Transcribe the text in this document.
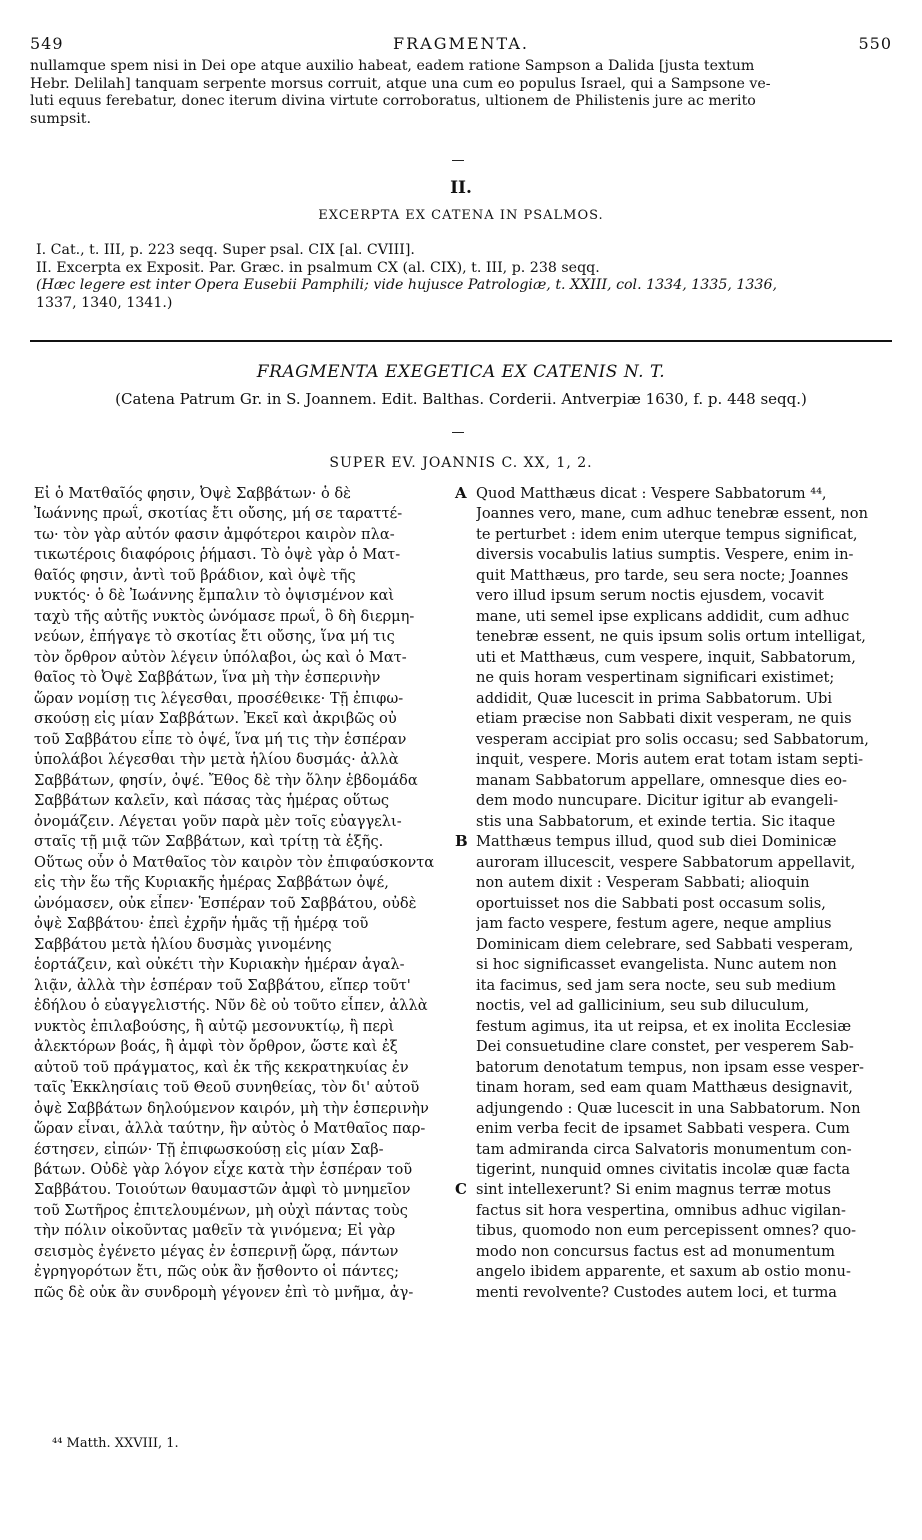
549	FRAGMENTA.	550

nullamque spem nisi in Dei ope atque auxilio habeat, eadem ratione Sampson a Dalida [justa textum

Hebr. Delilah] tanquam serpente morsus corruit, atque una cum eo populus Israel, qui a Sampsone ve-

luti equus ferebatur, donec iterum divina virtute corroboratus, ultionem de Philistenis jure ac merito

sumpsit.

II.
EXCERPTA EX CATENA IN PSALMOS.
I. Cat., t. III, p. 223 seqq. Super psal. CIX [al. CVIII].
II. Excerpta ex Exposit. Par. Græc. in psalmum CX (al. CIX), t. III, p. 238 seqq.
(Hæc legere est inter Opera Eusebii Pamphili; vide hujusce Patrologiæ, t. XXIII, col. 1334, 1335, 1336,
1337, 1340, 1341.)
FRAGMENTA EXEGETICA EX CATENIS N. T.
(Catena Patrum Gr. in S. Joannem. Edit. Balthas. Corderii. Antverpiæ 1630, f. p. 448 seqq.)
SUPER EV. JOANNIS C. XX, 1, 2.
Εἰ ὁ Ματθαῖός φησιν, Ὀψὲ Σαββάτων· ὁ δὲ
Ἰωάννης πρωΐ, σκοτίας ἔτι οὔσης, μή σε ταραττέ-
τω· τὸν γὰρ αὐτόν φασιν ἀμφότεροι καιρὸν πλα-
τικωτέροις διαφόροις ῥήμασι. Τὸ ὀψὲ γὰρ ὁ Ματ-
θαῖός φησιν, ἀντὶ τοῦ βράδιον, καὶ ὀψὲ τῆς
νυκτός· ὁ δὲ Ἰωάννης ἔμπαλιν τὸ ὀψισμένον καὶ
ταχὺ τῆς αὐτῆς νυκτὸς ὠνόμασε πρωΐ, ὃ δὴ διερμη-
νεύων, ἐπήγαγε τὸ σκοτίας ἔτι οὔσης, ἵνα μή τις
τὸν ὄρθρον αὐτὸν λέγειν ὑπόλαβοι, ὡς καὶ ὁ Ματ-
θαῖος τὸ Ὀψὲ Σαββάτων, ἵνα μὴ τὴν ἑσπερινὴν
ὥραν νομίσῃ τις λέγεσθαι, προσέθεικε· Τῇ ἐπιφω-
σκούσῃ εἰς μίαν Σαββάτων. Ἐκεῖ καὶ ἀκριβῶς οὐ
τοῦ Σαββάτου εἶπε τὸ ὀψέ, ἵνα μή τις τὴν ἑσπέραν
ὑπολάβοι λέγεσθαι τὴν μετὰ ἡλίου δυσμάς· ἀλλὰ
Σαββάτων, φησίν, ὀψέ. Ἔθος δὲ τὴν ὅλην ἑβδομάδα
Σαββάτων καλεῖν, καὶ πάσας τὰς ἡμέρας οὕτως
ὀνομάζειν. Λέγεται γοῦν παρὰ μὲν τοῖς εὐαγγελι-
σταῖς τῇ μιᾷ τῶν Σαββάτων, καὶ τρίτῃ τὰ ἑξῆς.
Οὕτως οὖν ὁ Ματθαῖος τὸν καιρὸν τὸν ἐπιφαύσκοντα
εἰς τὴν ἕω τῆς Κυριακῆς ἡμέρας Σαββάτων ὀψέ,
ὠνόμασεν, οὐκ εἶπεν· Ἑσπέραν τοῦ Σαββάτου, οὐδὲ
ὀψὲ Σαββάτου· ἐπεὶ ἐχρῆν ἡμᾶς τῇ ἡμέρᾳ τοῦ
Σαββάτου μετὰ ἡλίου δυσμὰς γινομένης
ἑορτάζειν, καὶ οὐκέτι τὴν Κυριακὴν ἡμέραν ἀγαλ-
λιᾷν, ἀλλὰ τὴν ἑσπέραν τοῦ Σαββάτου, εἴπερ τοῦτ'
ἐδήλου ὁ εὐαγγελιστής. Νῦν δὲ οὐ τοῦτο εἶπεν, ἀλλὰ
νυκτὸς ἐπιλαβούσης, ἢ αὐτῷ μεσονυκτίῳ, ἢ περὶ
ἀλεκτόρων βοάς, ἢ ἀμφὶ τὸν ὄρθρον, ὥστε καὶ ἐξ
αὐτοῦ τοῦ πράγματος, καὶ ἐκ τῆς κεκρατηκυίας ἐν
ταῖς Ἐκκλησίαις τοῦ Θεοῦ συνηθείας, τὸν δι' αὐτοῦ
ὀψὲ Σαββάτων δηλούμενον καιρόν, μὴ τὴν ἑσπερινὴν
ὥραν εἶναι, ἀλλὰ ταύτην, ἣν αὐτὸς ὁ Ματθαῖος παρ-
έστησεν, εἰπών· Τῇ ἐπιφωσκούσῃ εἰς μίαν Σαβ-
βάτων. Οὐδὲ γὰρ λόγον εἶχε κατὰ τὴν ἑσπέραν τοῦ
Σαββάτου. Τοιούτων θαυμαστῶν ἀμφὶ τὸ μνημεῖον
τοῦ Σωτῆρος ἐπιτελουμένων, μὴ οὐχὶ πάντας τοὺς
τὴν πόλιν οἰκοῦντας μαθεῖν τὰ γινόμενα; Εἰ γὰρ
σεισμὸς ἐγένετο μέγας ἐν ἑσπερινῇ ὥρᾳ, πάντων
ἐγρηγορότων ἔτι, πῶς οὐκ ἂν ᾔσθοντο οἱ πάντες;
πῶς δὲ οὐκ ἂν συνδρομὴ γέγονεν ἐπὶ τὸ μνῆμα, ἀγ-
Quod Matthæus dicat : Vespere Sabbatorum ⁴⁴,
Joannes vero, mane, cum adhuc tenebræ essent, non
te perturbet : idem enim uterque tempus significat,
diversis vocabulis latius sumptis. Vespere, enim in-
quit Matthæus, pro tarde, seu sera nocte; Joannes
vero illud ipsum serum noctis ejusdem, vocavit
mane, uti semel ipse explicans addidit, cum adhuc
tenebræ essent, ne quis ipsum solis ortum intelligat,
uti et Matthæus, cum vespere, inquit, Sabbatorum,
ne quis horam vespertinam significari existimet;
addidit, Quæ lucescit in prima Sabbatorum. Ubi
etiam præcise non Sabbati dixit vesperam, ne quis
vesperam accipiat pro solis occasu; sed Sabbatorum,
inquit, vespere. Moris autem erat totam istam septi-
manam Sabbatorum appellare, omnesque dies eo-
dem modo nuncupare. Dicitur igitur ab evangeli-
stis una Sabbatorum, et exinde tertia. Sic itaque
Matthæus tempus illud, quod sub diei Dominicæ
auroram illucescit, vespere Sabbatorum appellavit,
non autem dixit : Vesperam Sabbati; alioquin
oportuisset nos die Sabbati post occasum solis,
jam facto vespere, festum agere, neque amplius
Dominicam diem celebrare, sed Sabbati vesperam,
si hoc significasset evangelista. Nunc autem non
ita facimus, sed jam sera nocte, seu sub medium
noctis, vel ad gallicinium, seu sub diluculum,
festum agimus, ita ut reipsa, et ex inolita Ecclesiæ
Dei consuetudine clare constet, per vesperem Sab-
batorum denotatum tempus, non ipsam esse vesper-
tinam horam, sed eam quam Matthæus designavit,
adjungendo : Quæ lucescit in una Sabbatorum. Non
enim verba fecit de ipsamet Sabbati vespera. Cum
tam admiranda circa Salvatoris monumentum con-
tigerint, nunquid omnes civitatis incolæ quæ facta
sint intellexerunt? Si enim magnus terræ motus
factus sit hora vespertina, omnibus adhuc vigilan-
tibus, quomodo non eum percepissent omnes? quo-
modo non concursus factus est ad monumentum
angelo ibidem apparente, et saxum ab ostio monu-
menti revolvente? Custodes autem loci, et turma
A
B
C
⁴⁴ Matth. XXVIII, 1.
